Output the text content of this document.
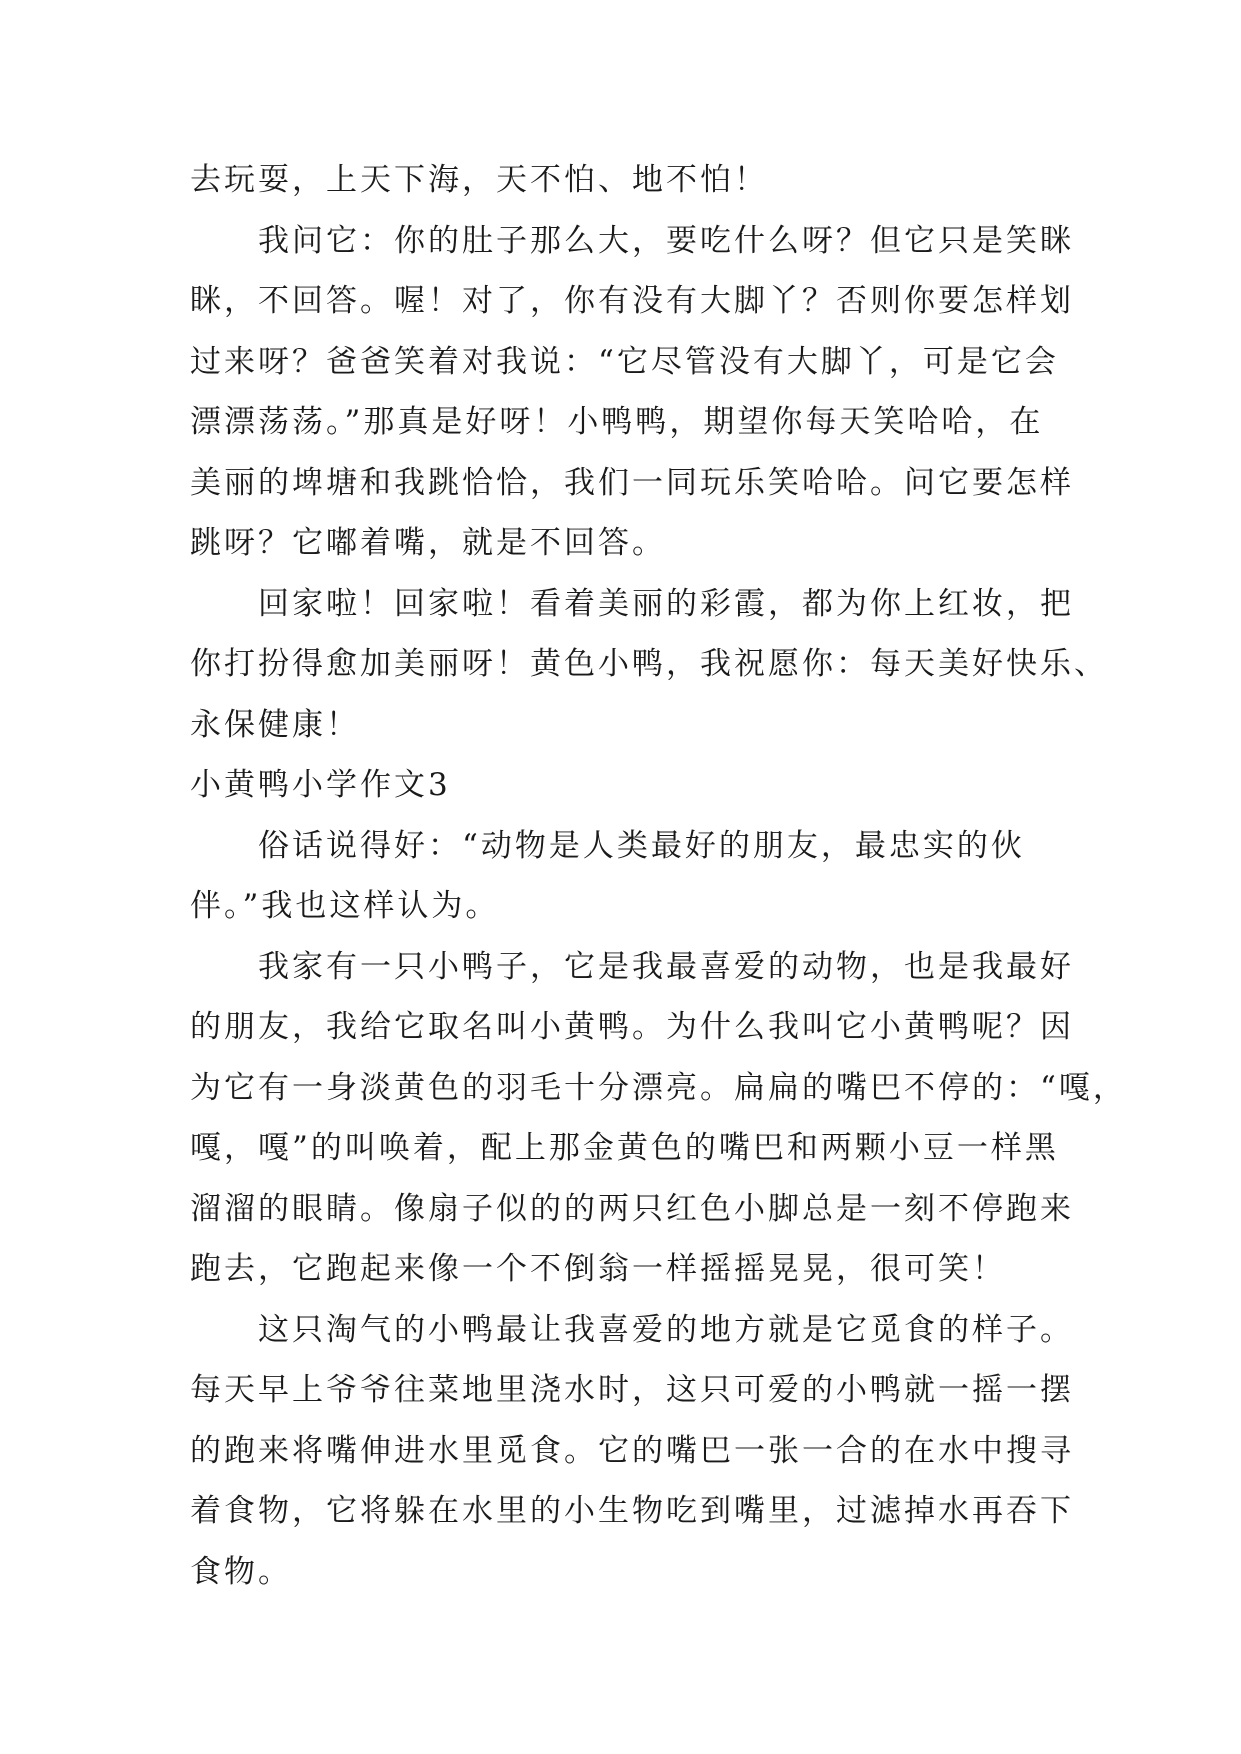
去玩耍，上天下海，天不怕、地不怕！
我问它：你的肚子那么大，要吃什么呀？但它只是笑眯
眯，不回答。喔！对了，你有没有大脚丫？否则你要怎样划
过来呀？爸爸笑着对我说：“它尽管没有大脚丫，可是它会
漂漂荡荡。”那真是好呀！小鸭鸭，期望你每天笑哈哈，在
美丽的埤塘和我跳恰恰，我们一同玩乐笑哈哈。问它要怎样
跳呀？它嘟着嘴，就是不回答。
回家啦！回家啦！看着美丽的彩霞，都为你上红妆，把
你打扮得愈加美丽呀！黄色小鸭，我祝愿你：每天美好快乐、
永保健康！
小黄鸭小学作文3
俗话说得好：“动物是人类最好的朋友，最忠实的伙
伴。”我也这样认为。
我家有一只小鸭子，它是我最喜爱的动物，也是我最好
的朋友，我给它取名叫小黄鸭。为什么我叫它小黄鸭呢？因
为它有一身淡黄色的羽毛十分漂亮。扁扁的嘴巴不停的：“嘎，
嘎，嘎”的叫唤着，配上那金黄色的嘴巴和两颗小豆一样黑
溜溜的眼睛。像扇子似的的两只红色小脚总是一刻不停跑来
跑去，它跑起来像一个不倒翁一样摇摇晃晃，很可笑！
这只淘气的小鸭最让我喜爱的地方就是它觅食的样子。
每天早上爷爷往菜地里浇水时，这只可爱的小鸭就一摇一摆
的跑来将嘴伸进水里觅食。它的嘴巴一张一合的在水中搜寻
着食物，它将躲在水里的小生物吃到嘴里，过滤掉水再吞下
食物。
